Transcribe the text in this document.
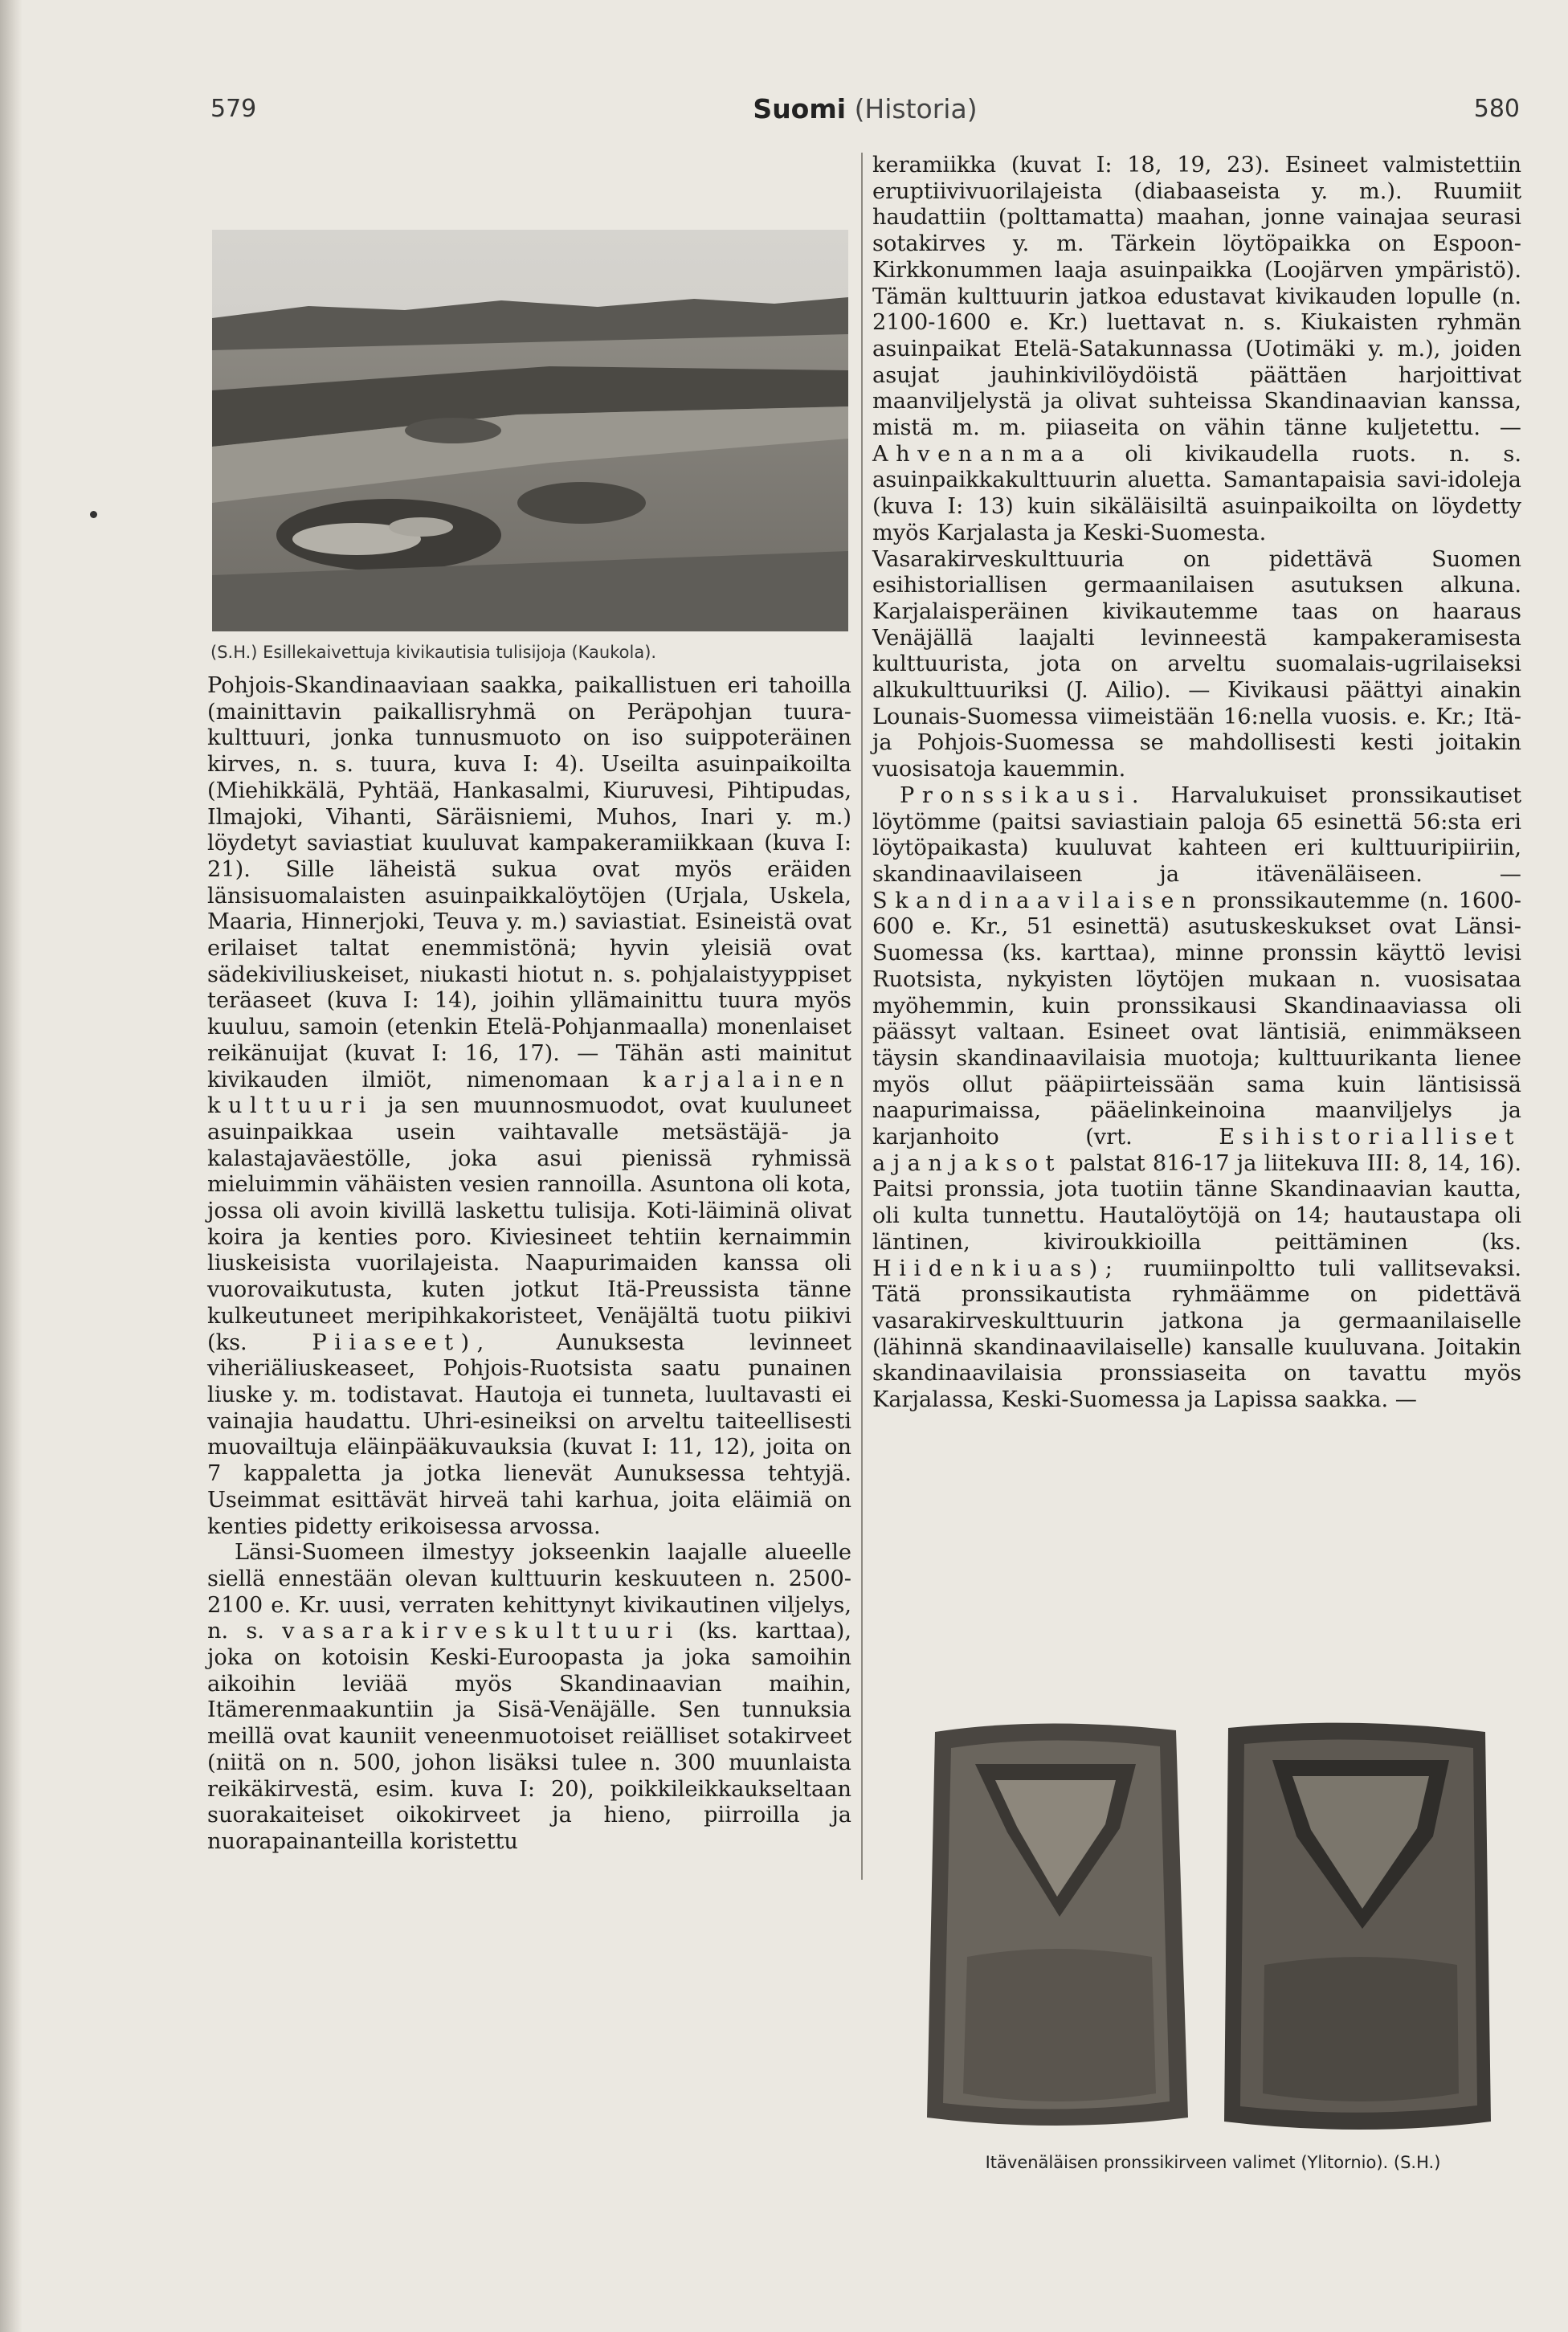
579	Suomi (Historia)	580
(S.H.) Esillekaivettuja kivikautisia tulisijoja (Kaukola).

Pohjois-Skandinaaviaan saakka, paikallistuen eri tahoilla (mainittavin paikallisryhmä on Peräpohjan tuura-kulttuuri, jonka tunnusmuoto on iso suippoteräinen kirves, n. s. tuura, kuva I: 4). Useilta asuinpaikoilta (Miehikkälä, Pyhtää, Hankasalmi, Kiuruvesi, Pihtipudas, Ilmajoki, Vihanti, Säräisniemi, Muhos, Inari y. m.) löydetyt saviastiat kuuluvat kampakeramiikkaan (kuva I: 21). Sille läheistä sukua ovat myös eräiden länsisuomalaisten asuinpaikkalöytöjen (Urjala, Uskela, Maaria, Hinnerjoki, Teuva y. m.) saviastiat. Esineistä ovat erilaiset taltat enemmistönä; hyvin yleisiä ovat sädekiviliuskeiset, niukasti hiotut n. s. pohjalaistyyppiset teräaseet (kuva I: 14), joihin yllämainittu tuura myös kuuluu, samoin (etenkin Etelä-Pohjanmaalla) monenlaiset reikänuijat (kuvat I: 16, 17). — Tähän asti mainitut kivikauden ilmiöt, nimenomaan karjalainen kulttuuri ja sen muunnosmuodot, ovat kuuluneet asuinpaikkaa usein vaihtavalle metsästäjä- ja kalastajaväestölle, joka asui pienissä ryhmissä mieluimmin vähäisten vesien rannoilla. Asuntona oli kota, jossa oli avoin kivillä laskettu tulisija. Koti-läiminä olivat koira ja kenties poro. Kiviesineet tehtiin kernaimmin liuskeisista vuorilajeista. Naapurimaiden kanssa oli vuorovaikutusta, kuten jotkut Itä-Preussista tänne kulkeutuneet meripihkakoristeet, Venäjältä tuotu piikivi (ks.	Piiaseet),	Aunuksesta levinneet viheriäliuskeaseet, Pohjois-Ruotsista saatu punainen liuske y. m. todistavat. Hautoja ei tunneta, luultavasti ei vainajia haudattu. Uhri-esineiksi on arveltu taiteellisesti muovailtuja eläinpääkuvauksia (kuvat I: 11, 12), joita on 7 kappaletta ja jotka lienevät Aunuksessa tehtyjä. Useimmat esittävät hirveä tahi karhua, joita eläimiä on kenties pidetty erikoisessa arvossa.

Länsi-Suomeen ilmestyy jokseenkin laajalle alueelle siellä ennestään olevan kulttuurin keskuuteen n. 2500-2100 e. Kr. uusi, verraten kehittynyt kivikautinen viljelys, n. s. vasarakirveskulttuuri (ks. karttaa), joka on kotoisin Keski-Euroopasta ja joka samoihin aikoihin leviää myös Skandinaavian maihin, Itämerenmaakuntiin ja Sisä-Venäjälle. Sen tunnuksia meillä ovat kauniit veneenmuotoiset reiälliset sotakirveet (niitä on n. 500, johon lisäksi tulee n. 300 muunlaista reikäkirvestä, esim. kuva I: 20), poikkileikkaukseltaan suorakaiteiset oikokirveet ja hieno, piirroilla ja nuorapainanteilla koristettu

keramiikka (kuvat I: 18, 19, 23). Esineet valmistettiin eruptiivivuorilajeista (diabaaseista y. m.). Ruumiit haudattiin (polttamatta) maahan, jonne vainajaa seurasi sotakirves y. m. Tärkein löytöpaikka on Espoon-Kirkkonummen laaja asuinpaikka (Loojärven ympäristö). Tämän kulttuurin jatkoa edustavat kivikauden lopulle (n. 2100-1600 e. Kr.) luettavat n. s. Kiukaisten ryhmän asuinpaikat Etelä-Satakunnassa (Uotimäki y. m.), joiden asujat jauhinkivilöydöistä päättäen harjoittivat maanviljelystä ja olivat suhteissa Skandinaavian kanssa, mistä m. m. piiaseita on vähin tänne kuljetettu. — Ahvenanmaa oli kivikaudella ruots. n. s. asuinpaikkakulttuurin aluetta. Samantapaisia savi-idoleja (kuva I: 13) kuin sikäläisiltä asuinpaikoilta on löydetty myös Karjalasta ja Keski-Suomesta.

Vasarakirveskulttuuria on pidettävä Suomen esihistoriallisen germaanilaisen asutuksen alkuna. Karjalaisperäinen kivikautemme taas on haaraus Venäjällä laajalti levinneestä kampakeramisesta kulttuurista, jota on arveltu suomalais-ugrilaiseksi alkukulttuuriksi (J. Ailio). — Kivikausi päättyi ainakin Lounais-Suomessa viimeistään 16:nella vuosis. e. Kr.; Itä- ja Pohjois-Suomessa se mahdollisesti kesti joitakin vuosisatoja kauemmin.

Pronssikausi. Harvalukuiset pronssikautiset löytömme (paitsi saviastiain paloja 65 esinettä 56:sta eri löytöpaikasta) kuuluvat kahteen eri kulttuuripiiriin, skandinaavilaiseen ja itävenäläiseen. — Skandinaavilaisen pronssikautemme (n. 1600-600 e. Kr., 51 esinettä) asutuskeskukset ovat Länsi-Suomessa (ks. karttaa), minne pronssin käyttö levisi Ruotsista, nykyisten löytöjen mukaan n. vuosisataa myöhemmin, kuin pronssikausi Skandinaaviassa oli päässyt valtaan. Esineet ovat läntisiä, enimmäkseen täysin skandinaavilaisia muotoja; kulttuurikanta lienee myös ollut pääpiirteissään sama kuin läntisissä naapurimaissa, pääelinkeinoina maanviljelys ja karjanhoito (vrt.	Esihistorialliset ajanjaksot palstat 816-17 ja liitekuva III: 8, 14, 16). Paitsi pronssia, jota tuotiin tänne Skandinaavian kautta, oli kulta tunnettu. Hautalöytöjä on 14; hautaustapa oli läntinen, kiviroukkioilla peittäminen (ks. Hiidenkiuas); ruumiinpoltto tuli vallitsevaksi. Tätä pronssikautista ryhmäämme on pidettävä vasarakirveskulttuurin jatkona ja germaanilaiselle (lähinnä skandinaavilaiselle) kansalle kuuluvana. Joitakin skandinaavilaisia pronssiaseita on tavattu myös Karjalassa, Keski-Suomessa ja Lapissa saakka. —

Itävenäläisen pronssikirveen valimet (Ylitornio). (S.H.)
